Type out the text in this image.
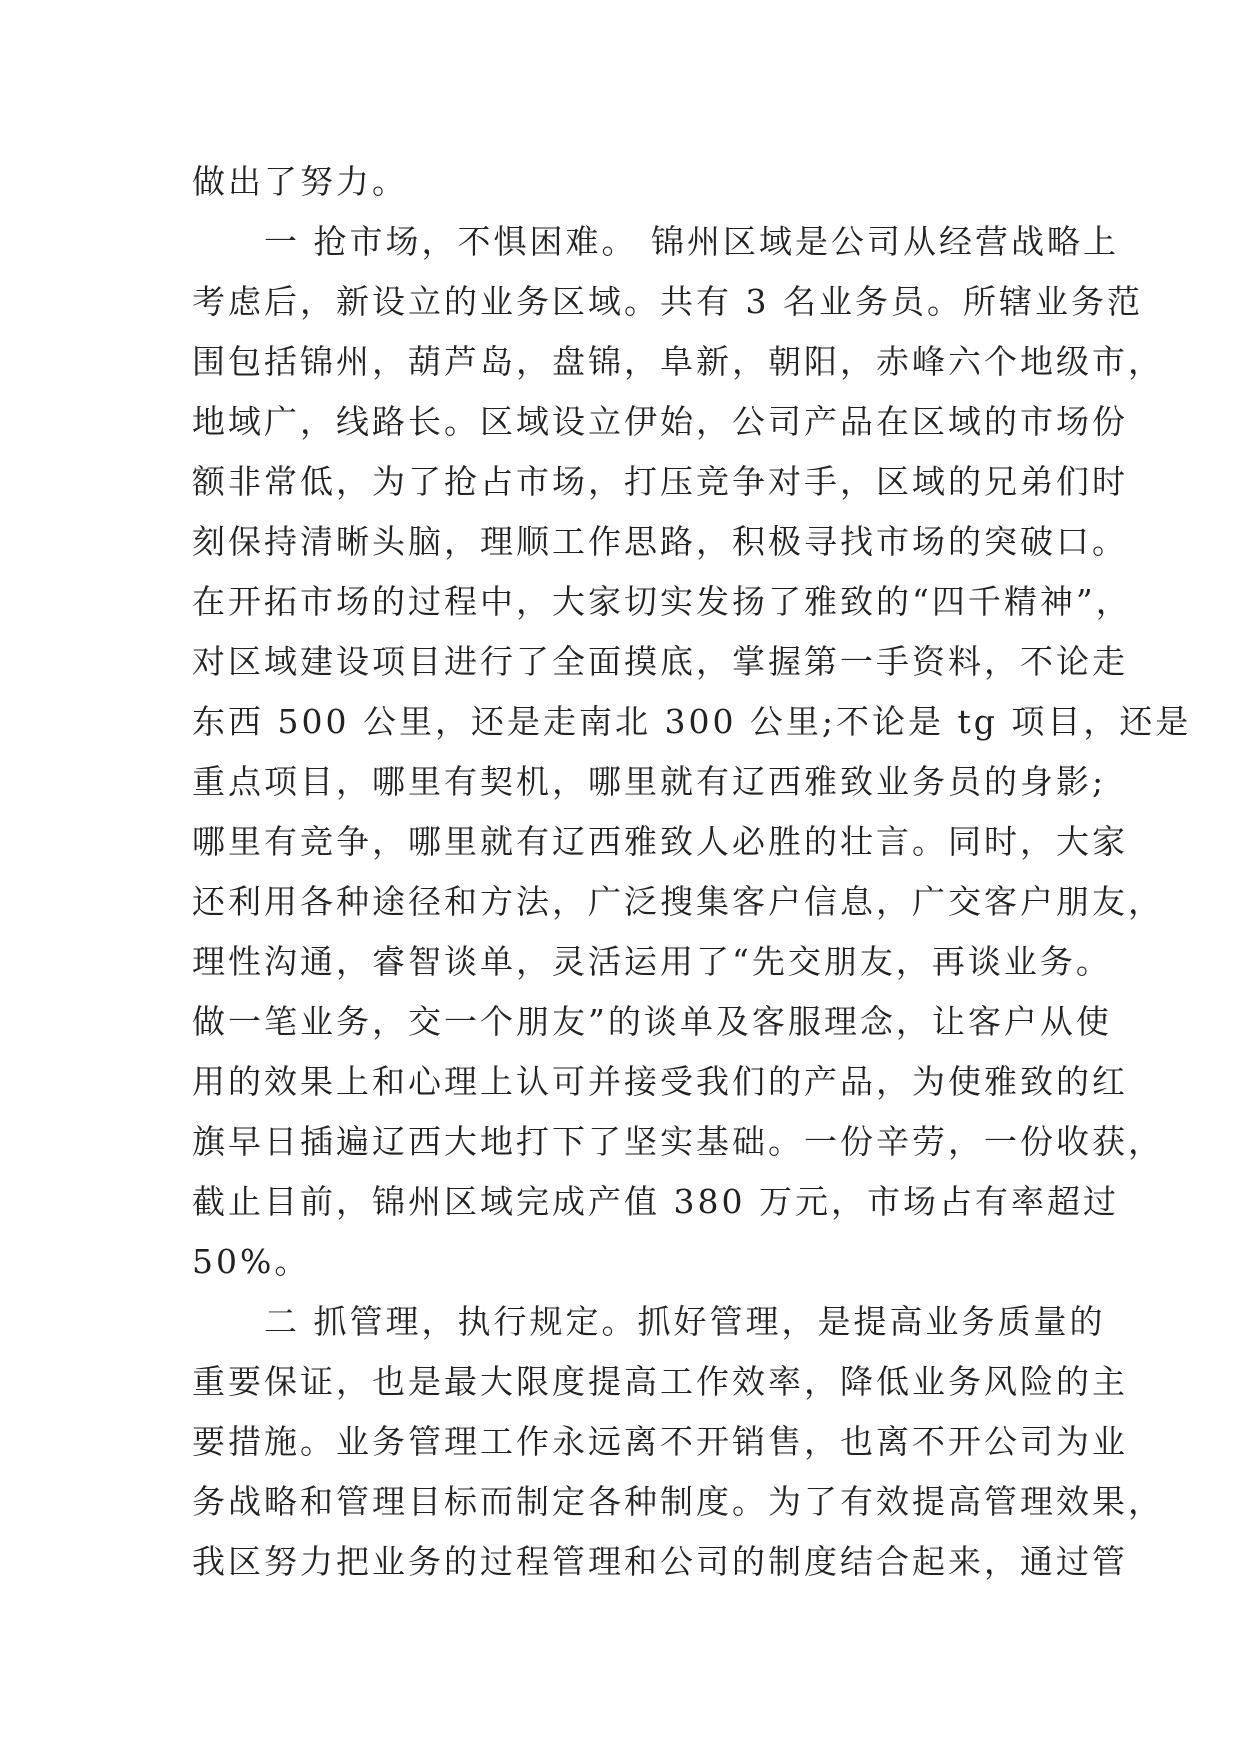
做出了努力。
一 抢市场，不惧困难。 锦州区域是公司从经营战略上
考虑后，新设立的业务区域。共有 3 名业务员。所辖业务范
围包括锦州，葫芦岛，盘锦，阜新，朝阳，赤峰六个地级市，
地域广，线路长。区域设立伊始，公司产品在区域的市场份
额非常低，为了抢占市场，打压竞争对手，区域的兄弟们时
刻保持清晰头脑，理顺工作思路，积极寻找市场的突破口。
在开拓市场的过程中，大家切实发扬了雅致的“四千精神”，
对区域建设项目进行了全面摸底，掌握第一手资料，不论走
东西 500 公里，还是走南北 300 公里;不论是 tg 项目，还是
重点项目，哪里有契机，哪里就有辽西雅致业务员的身影;
哪里有竞争，哪里就有辽西雅致人必胜的壮言。同时，大家
还利用各种途径和方法，广泛搜集客户信息，广交客户朋友，
理性沟通，睿智谈单，灵活运用了“先交朋友，再谈业务。
做一笔业务，交一个朋友”的谈单及客服理念，让客户从使
用的效果上和心理上认可并接受我们的产品，为使雅致的红
旗早日插遍辽西大地打下了坚实基础。一份辛劳，一份收获，
截止目前，锦州区域完成产值 380 万元，市场占有率超过
50%。
二 抓管理，执行规定。抓好管理，是提高业务质量的
重要保证，也是最大限度提高工作效率，降低业务风险的主
要措施。业务管理工作永远离不开销售，也离不开公司为业
务战略和管理目标而制定各种制度。为了有效提高管理效果，
我区努力把业务的过程管理和公司的制度结合起来，通过管
